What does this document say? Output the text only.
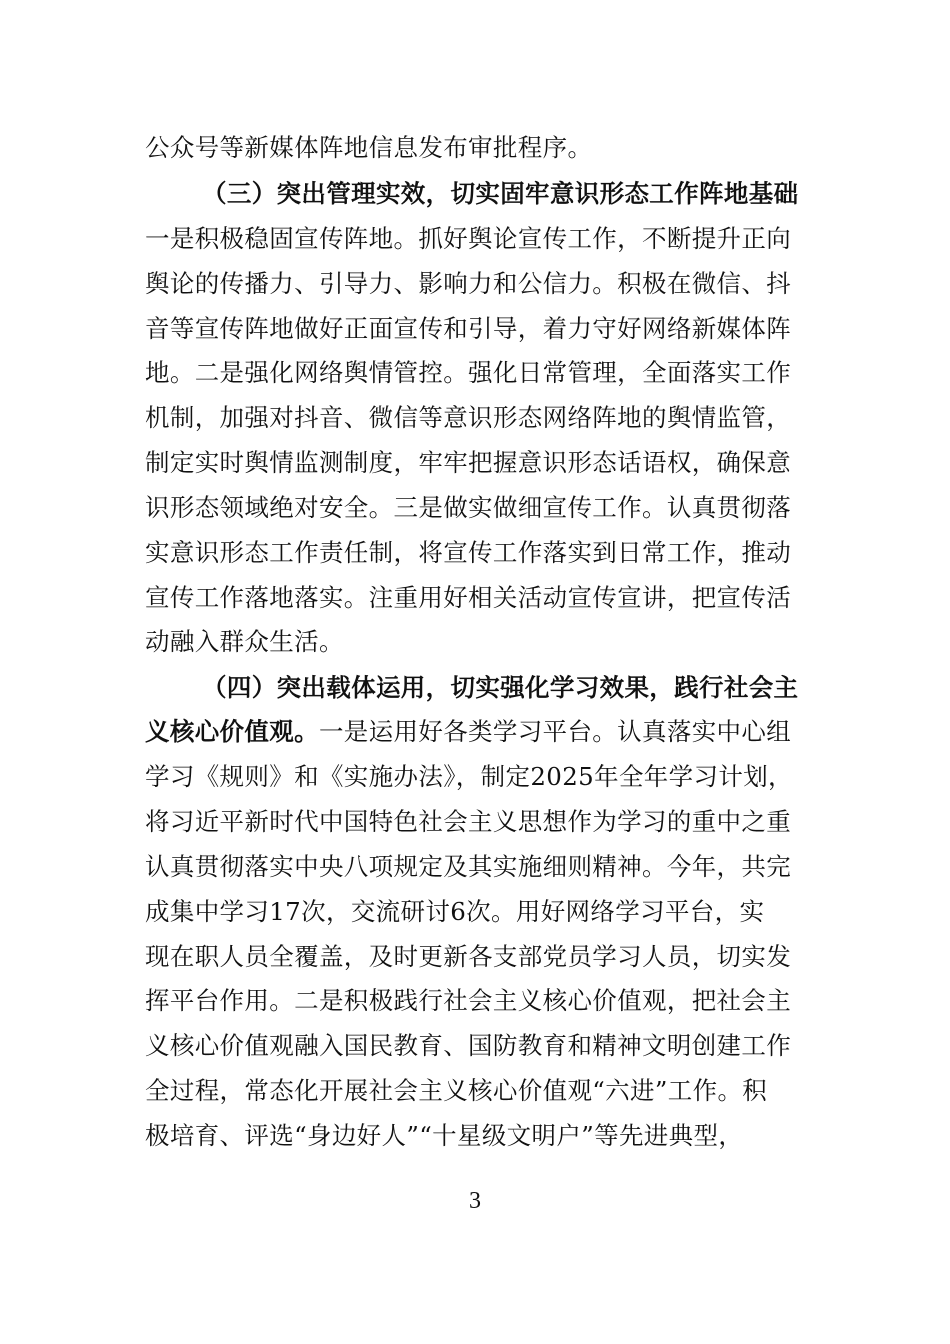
公众号等新媒体阵地信息发布审批程序。
（三）突出管理实效，切实固牢意识形态工作阵地基础
一是积极稳固宣传阵地。抓好舆论宣传工作，不断提升正向
舆论的传播力、引导力、影响力和公信力。积极在微信、抖
音等宣传阵地做好正面宣传和引导，着力守好网络新媒体阵
地。二是强化网络舆情管控。强化日常管理，全面落实工作
机制，加强对抖音、微信等意识形态网络阵地的舆情监管，
制定实时舆情监测制度，牢牢把握意识形态话语权，确保意
识形态领域绝对安全。三是做实做细宣传工作。认真贯彻落
实意识形态工作责任制，将宣传工作落实到日常工作，推动
宣传工作落地落实。注重用好相关活动宣传宣讲，把宣传活
动融入群众生活。
（四）突出载体运用，切实强化学习效果，践行社会主
义核心价值观。一是运用好各类学习平台。认真落实中心组
学习《规则》和《实施办法》，制定2025年全年学习计划，
将习近平新时代中国特色社会主义思想作为学习的重中之重
认真贯彻落实中央八项规定及其实施细则精神。今年，共完
成集中学习17次，交流研讨6次。用好网络学习平台，实
现在职人员全覆盖，及时更新各支部党员学习人员，切实发
挥平台作用。二是积极践行社会主义核心价值观，把社会主
义核心价值观融入国民教育、国防教育和精神文明创建工作
全过程，常态化开展社会主义核心价值观“六进”工作。积
极培育、评选“身边好人”“十星级文明户”等先进典型，
3
